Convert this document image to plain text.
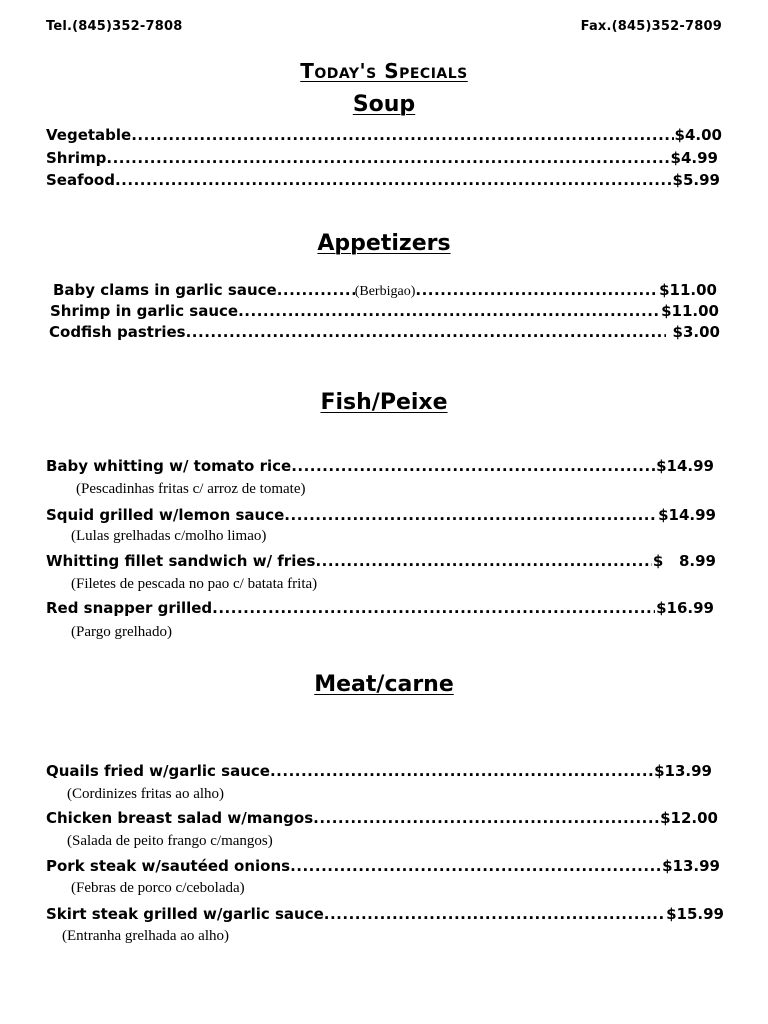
Tel.(845)352-7808	Fax.(845)352-7809
Today's Specials
Soup
Vegetable .....	$4.00
Shrimp .....	$4.99
Seafood .....	$5.99
Appetizers
Baby clams in garlic sauce .....	(Berbigao) .....	$11.00
Shrimp in garlic sauce .....	$11.00
Codfish pastries .....	$3.00
Fish/Peixe
Baby whitting w/ tomato rice .....	$14.99
(Pescadinhas fritas c/ arroz de tomate)
Squid grilled w/lemon sauce .....	$14.99
(Lulas grelhadas c/molho limao)
Whitting fillet sandwich w/ fries .....	$   8.99
(Filetes de pescada no pao c/ batata frita)
Red snapper grilled .....	$16.99
(Pargo grelhado)
Meat/carne
Quails fried w/garlic sauce .....	$13.99
(Cordinizes fritas ao alho)
Chicken breast salad w/mangos .....	$12.00
(Salada de peito frango c/mangos)
Pork steak w/sautéed onions .....	$13.99
(Febras de porco c/cebolada)
Skirt steak grilled w/garlic sauce .....	$15.99
(Entranha grelhada ao alho)
